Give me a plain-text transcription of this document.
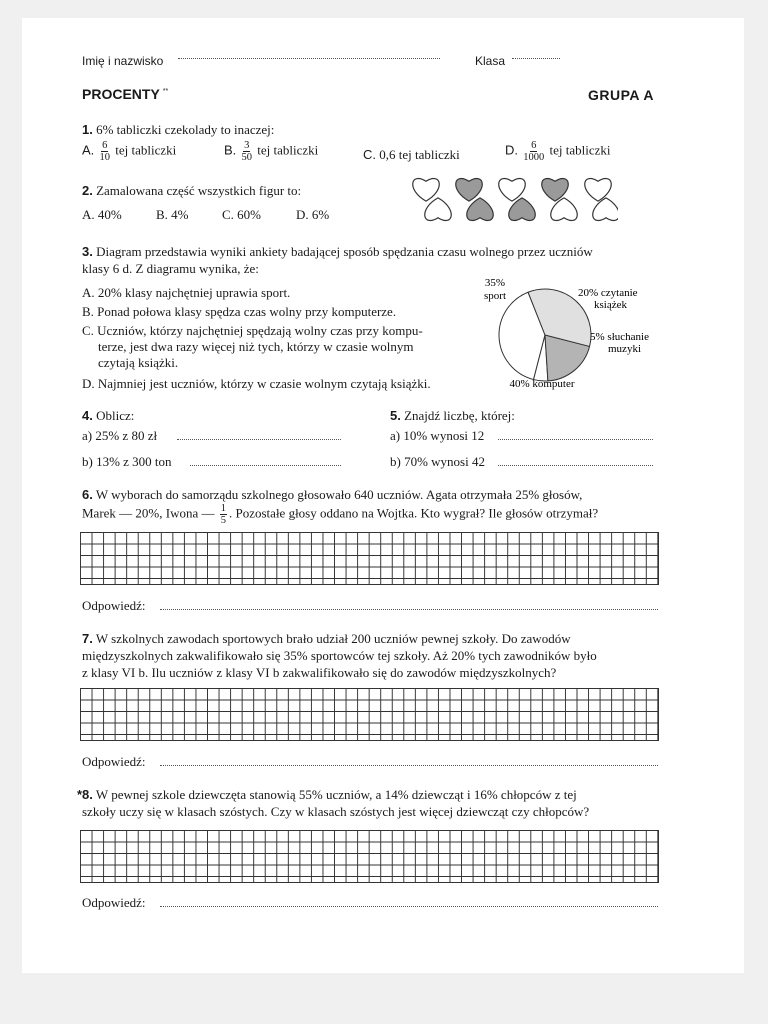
Imię i nazwisko	Klasa
PROCENTY **	GRUPA A
1. 6% tabliczki czekolady to inaczej:
A. $\frac{6}{10}$ tej tabliczki	B. $\frac{3}{50}$ tej tabliczki	C. 0,6 tej tabliczki	D. $\frac{6}{1000}$ tej tabliczki
2. Zamalowana część wszystkich figur to:
A. 40%	B. 4%	C. 60%	D. 6%
3. Diagram przedstawia wyniki ankiety badającej sposób spędzania czasu wolnego przez uczniów
klasy 6 d. Z diagramu wynika, że:
A. 20% klasy najchętniej uprawia sport.
B. Ponad połowa klasy spędza czas wolny przy komputerze.
C. Uczniów, którzy najchętniej spędzają wolny czas przy kompu-
terze, jest dwa razy więcej niż tych, którzy w czasie wolnym
czytają książki.
D. Najmniej jest uczniów, którzy w czasie wolnym czytają książki.
35%
sport	20% czytanie
książek
5% słuchanie
muzyki
40% komputer
4. Oblicz:
a) 25% z 80 zł
b) 13% z 300 ton
5. Znajdź liczbę, której:
a) 10% wynosi 12
b) 70% wynosi 42
6. W wyborach do samorządu szkolnego głosowało 640 uczniów. Agata otrzymała 25% głosów,
Marek — 20%, Iwona — $\frac{1}{5}$ . Pozostałe głosy oddano na Wojtka. Kto wygrał? Ile głosów otrzymał?
Odpowiedź:
7. W szkolnych zawodach sportowych brało udział 200 uczniów pewnej szkoły. Do zawodów
międzyszkolnych zakwalifikowało się 35% sportowców tej szkoły. Aż 20% tych zawodników było
z klasy VI b. Ilu uczniów z klasy VI b zakwalifikowało się do zawodów międzyszkolnych?
Odpowiedź:
*8. W pewnej szkole dziewczęta stanowią 55% uczniów, a 14% dziewcząt i 16% chłopców z tej
szkoły uczy się w klasach szóstych. Czy w klasach szóstych jest więcej dziewcząt czy chłopców?
Odpowiedź:
